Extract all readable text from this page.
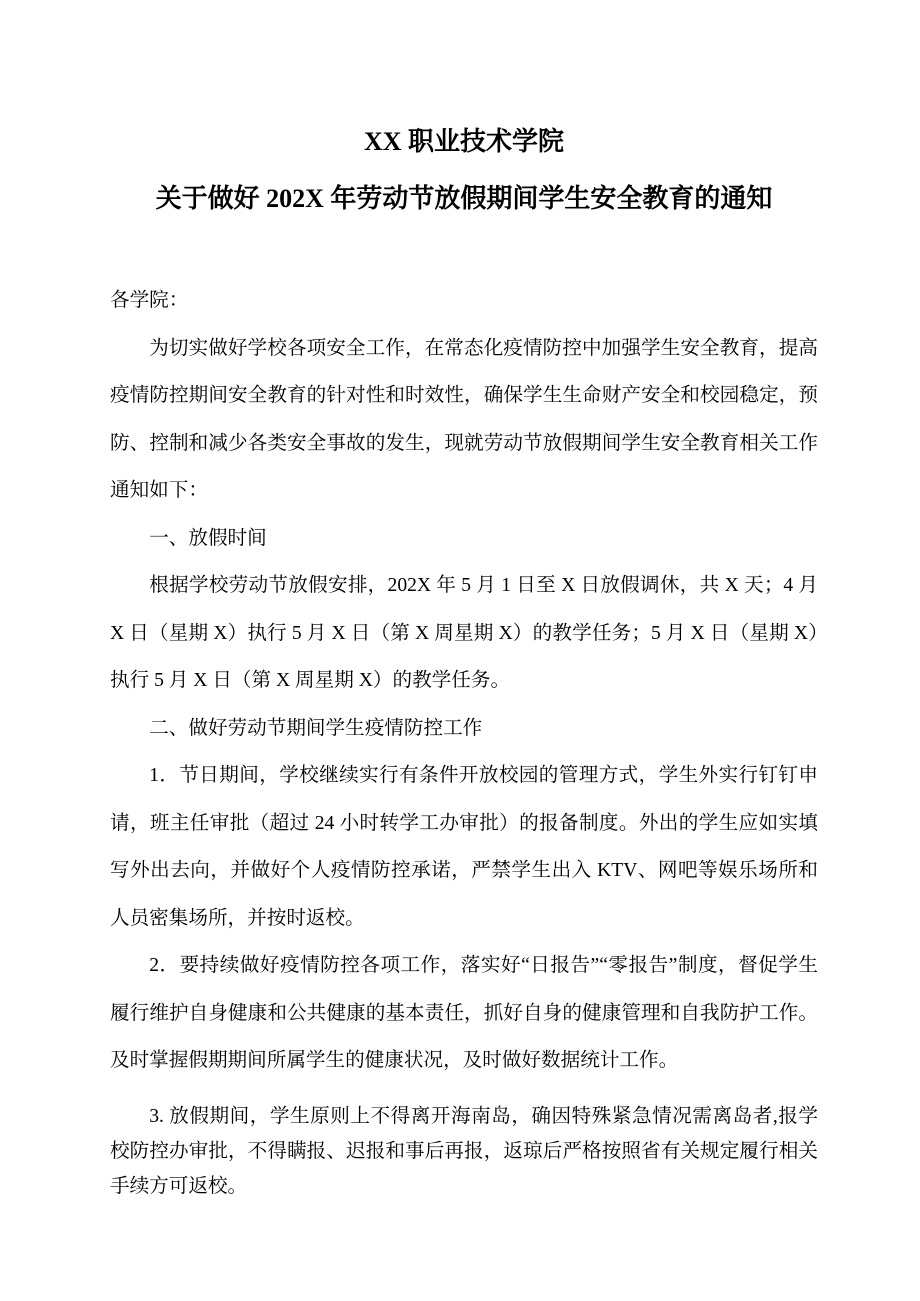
XX 职业技术学院
关于做好 202X 年劳动节放假期间学生安全教育的通知

各学院：

为切实做好学校各项安全工作，在常态化疫情防控中加强学生安全教育，提高疫情防控期间安全教育的针对性和时效性，确保学生生命财产安全和校园稳定，预防、控制和减少各类安全事故的发生，现就劳动节放假期间学生安全教育相关工作通知如下：

一、放假时间

根据学校劳动节放假安排，202X 年 5 月 1 日至 X 日放假调休，共 X 天；4 月 X 日（星期 X）执行 5 月 X 日（第 X 周星期 X）的教学任务；5 月 X 日（星期 X）执行 5 月 X 日（第 X 周星期 X）的教学任务。

二、做好劳动节期间学生疫情防控工作

1．节日期间，学校继续实行有条件开放校园的管理方式，学生外实行钉钉申请，班主任审批（超过 24 小时转学工办审批）的报备制度。外出的学生应如实填写外出去向，并做好个人疫情防控承诺，严禁学生出入 KTV、网吧等娱乐场所和人员密集场所，并按时返校。

2．要持续做好疫情防控各项工作，落实好“日报告”“零报告”制度，督促学生履行维护自身健康和公共健康的基本责任，抓好自身的健康管理和自我防护工作。及时掌握假期期间所属学生的健康状况，及时做好数据统计工作。

3. 放假期间，学生原则上不得离开海南岛，确因特殊紧急情况需离岛者,报学校防控办审批，不得瞒报、迟报和事后再报，返琼后严格按照省有关规定履行相关手续方可返校。
